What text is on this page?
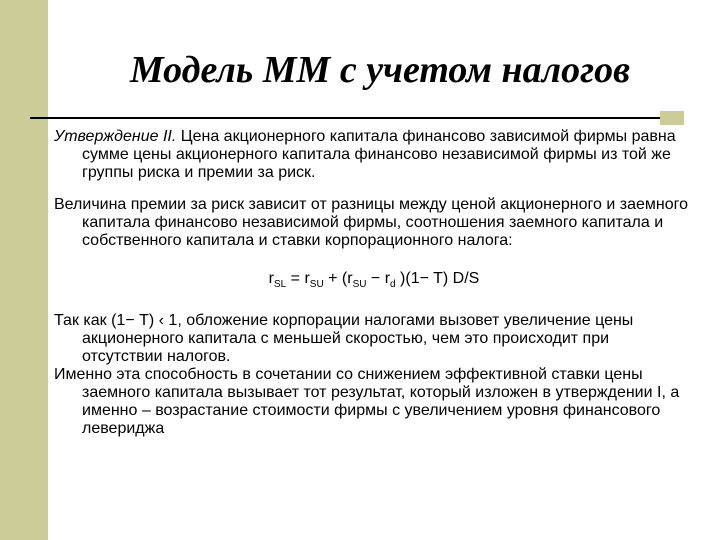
Модель ММ с учетом налогов

Утверждение II. Цена акционерного капитала финансово зависимой фирмы равна сумме цены акционерного капитала финансово независимой фирмы из той же группы риска и премии за риск.

Величина премии за риск зависит от разницы между ценой акционерного и заемного капитала финансово независимой фирмы, соотношения заемного капитала и собственного капитала и ставки корпорационного налога:

$r_{SL} = r_{SU} + (r_{SU} - r_d$ )(1− T) D/S

Так как (1− Т) ‹ 1, обложение корпорации налогами вызовет увеличение цены акционерного капитала с меньшей скоростью, чем это происходит при отсутствии налогов.

Именно эта способность в сочетании со снижением эффективной ставки цены заемного капитала вызывает тот результат, который изложен в утверждении I, а именно – возрастание стоимости фирмы с увеличением уровня финансового левериджа
